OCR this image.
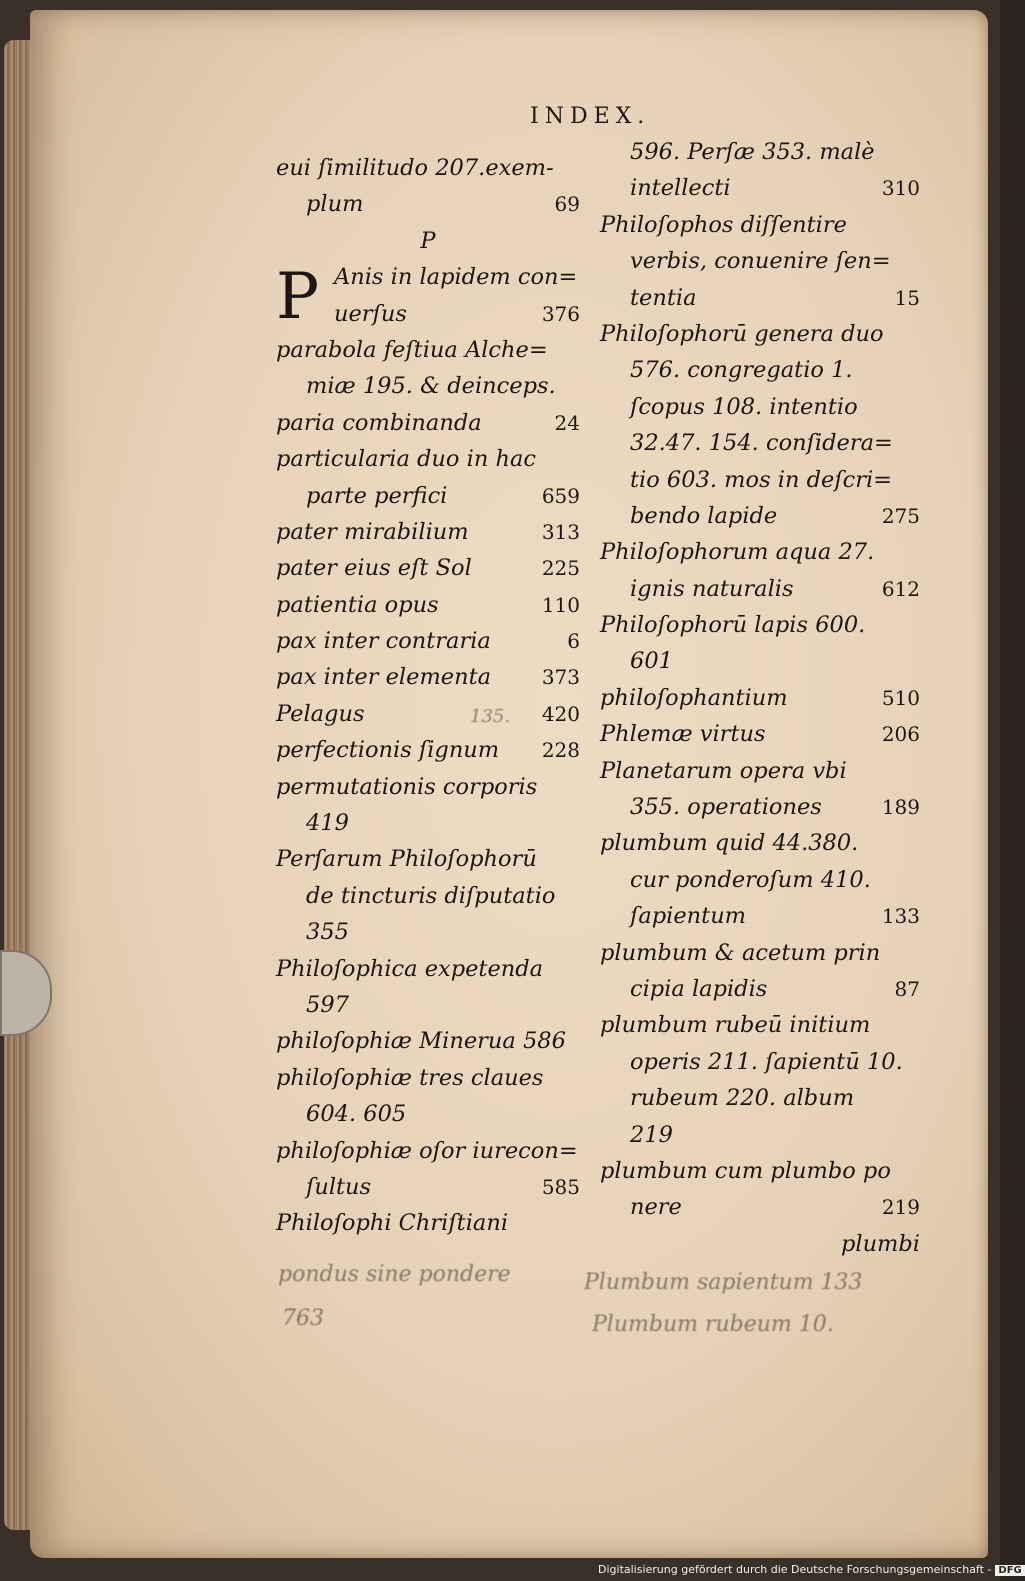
INDEX.
eui ſimilitudo 207.exem-
plum	69
P
Anis in lapidem con=
P uerſus	376
parabola feſtiua Alche=
miæ 195. & deinceps.
paria combinanda	24
particularia duo in hac
parte perfici	659
pater mirabilium	313
pater eius eſt Sol	225
patientia opus	110
pax inter contraria	6
pax inter elementa	373
Pelagus	420
perfectionis ſignum 228
permutationis corporis
419
Perſarum Philoſophorū
de tincturis diſputatio
355
Philoſophica expetenda
597
philoſophiæ Minerua 586
philoſophiæ tres claues
604. 605
philoſophiæ oſor iurecon=
ſultus	585
Philoſophi Chriſtiani
596. Perſæ 353. malè
intellecti	310
Philoſophos diſſentire
verbis, conuenire ſen=
tentia	15
Philoſophorū genera duo
576. congregatio 1.
ſcopus 108. intentio
32.47. 154. conſidera=
tio 603. mos in deſcri=
bendo lapide	275
Philoſophorum aqua 27.
ignis naturalis	612
Philoſophorū lapis 600.
601
philoſophantium	510
Phlemæ virtus	206
Planetarum opera vbi
355. operationes	189
plumbum quid 44.380.
cur ponderoſum 410.
ſapientum	133
plumbum & acetum prin
cipia lapidis	87
plumbum rubeū initium
operis 211. ſapientū 10.
rubeum 220. album
219
plumbum cum plumbo po
nere	219
plumbi
135.
pondus sine pondere
763
Plumbum sapientum 133
Plumbum rubeum 10.
Digitalisierung gefördert durch die Deutsche Forschungsgemeinschaft - DFG
